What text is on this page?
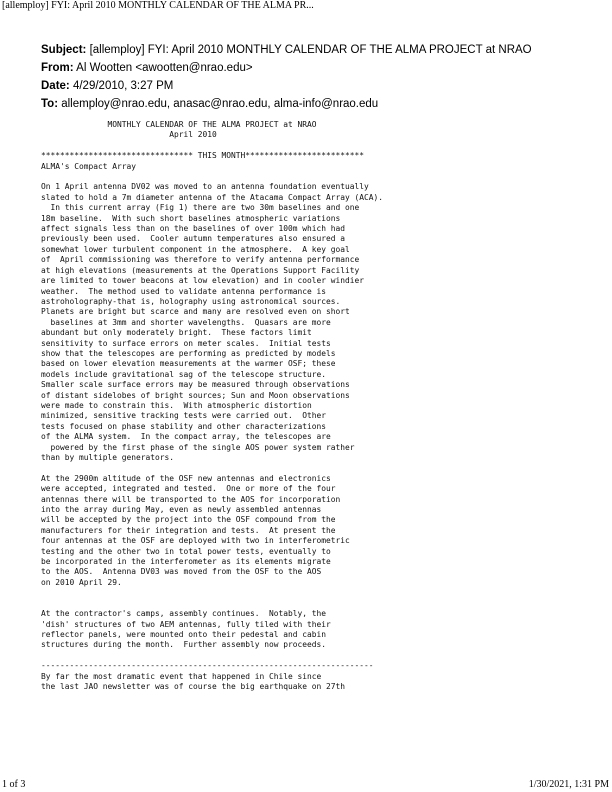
[allemploy] FYI: April 2010 MONTHLY CALENDAR OF THE ALMA PR...
Subject: [allemploy] FYI: April 2010 MONTHLY CALENDAR OF THE ALMA PROJECT at NRAO
From: Al Wootten <awootten@nrao.edu>
Date: 4/29/2010, 3:27 PM
To: allemploy@nrao.edu, anasac@nrao.edu, alma-info@nrao.edu
MONTHLY CALENDAR OF THE ALMA PROJECT at NRAO
April 2010

******************************** THIS MONTH*************************
ALMA's Compact Array

On 1 April antenna DV02 was moved to an antenna foundation eventually
slated to hold a 7m diameter antenna of the Atacama Compact Array (ACA).
In this current array (Fig 1) there are two 30m baselines and one
18m baseline.  With such short baselines atmospheric variations
affect signals less than on the baselines of over 100m which had
previously been used.  Cooler autumn temperatures also ensured a
somewhat lower turbulent component in the atmosphere.  A key goal
of  April commissioning was therefore to verify antenna performance
at high elevations (measurements at the Operations Support Facility
are limited to tower beacons at low elevation) and in cooler windier
weather.  The method used to validate antenna performance is
astroholography-that is, holography using astronomical sources.
Planets are bright but scarce and many are resolved even on short
baselines at 3mm and shorter wavelengths.  Quasars are more
abundant but only moderately bright.  These factors limit
sensitivity to surface errors on meter scales.  Initial tests
show that the telescopes are performing as predicted by models
based on lower elevation measurements at the warmer OSF; these
models include gravitational sag of the telescope structure.
Smaller scale surface errors may be measured through observations
of distant sidelobes of bright sources; Sun and Moon observations
were made to constrain this.  With atmospheric distortion
minimized, sensitive tracking tests were carried out.  Other
tests focused on phase stability and other characterizations
of the ALMA system.  In the compact array, the telescopes are
powered by the first phase of the single AOS power system rather
than by multiple generators.

At the 2900m altitude of the OSF new antennas and electronics
were accepted, integrated and tested.  One or more of the four
antennas there will be transported to the AOS for incorporation
into the array during May, even as newly assembled antennas
will be accepted by the project into the OSF compound from the
manufacturers for their integration and tests.  At present the
four antennas at the OSF are deployed with two in interferometric
testing and the other two in total power tests, eventually to
be incorporated in the interferometer as its elements migrate
to the AOS.  Antenna DV03 was moved from the OSF to the AOS
on 2010 April 29.

At the contractor's camps, assembly continues.  Notably, the
'dish' structures of two AEM antennas, fully tiled with their
reflector panels, were mounted onto their pedestal and cabin
structures during the month.  Further assembly now proceeds.

----------------------------------------------------------------------
By far the most dramatic event that happened in Chile since
the last JAO newsletter was of course the big earthquake on 27th
1 of 3	1/30/2021, 1:31 PM
